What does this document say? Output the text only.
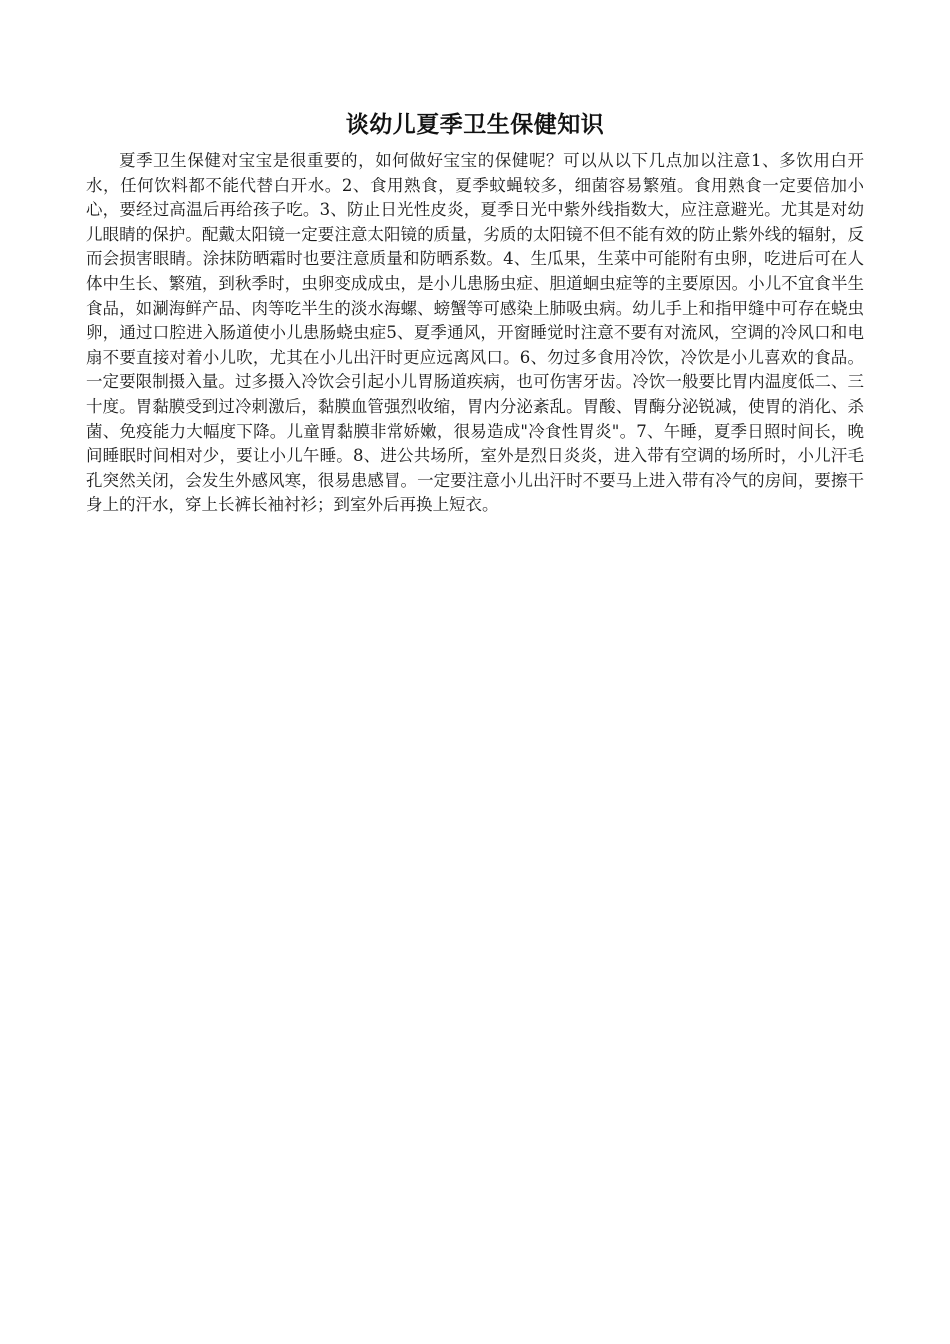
谈幼儿夏季卫生保健知识

夏季卫生保健对宝宝是很重要的，如何做好宝宝的保健呢？可以从以下几点加以注意1、多饮用白开水，任何饮料都不能代替白开水。2、食用熟食，夏季蚊蝇较多，细菌容易繁殖。食用熟食一定要倍加小心，要经过高温后再给孩子吃。3、防止日光性皮炎，夏季日光中紫外线指数大，应注意避光。尤其是对幼儿眼睛的保护。配戴太阳镜一定要注意太阳镜的质量，劣质的太阳镜不但不能有效的防止紫外线的辐射，反而会损害眼睛。涂抹防晒霜时也要注意质量和防晒系数。4、生瓜果，生菜中可能附有虫卵，吃进后可在人体中生长、繁殖，到秋季时，虫卵变成成虫，是小儿患肠虫症、胆道蛔虫症等的主要原因。小儿不宜食半生食品，如涮海鲜产品、肉等吃半生的淡水海螺、螃蟹等可感染上肺吸虫病。幼儿手上和指甲缝中可存在蛲虫卵，通过口腔进入肠道使小儿患肠蛲虫症5、夏季通风，开窗睡觉时注意不要有对流风，空调的冷风口和电扇不要直接对着小儿吹，尤其在小儿出汗时更应远离风口。6、勿过多食用冷饮，冷饮是小儿喜欢的食品。一定要限制摄入量。过多摄入冷饮会引起小儿胃肠道疾病，也可伤害牙齿。冷饮一般要比胃内温度低二、三十度。胃黏膜受到过冷刺激后，黏膜血管强烈收缩，胃内分泌紊乱。胃酸、胃酶分泌锐减，使胃的消化、杀菌、免疫能力大幅度下降。儿童胃黏膜非常娇嫩，很易造成"冷食性胃炎"。7、午睡，夏季日照时间长，晚间睡眠时间相对少，要让小儿午睡。8、进公共场所，室外是烈日炎炎，进入带有空调的场所时，小儿汗毛孔突然关闭，会发生外感风寒，很易患感冒。一定要注意小儿出汗时不要马上进入带有冷气的房间，要擦干身上的汗水，穿上长裤长袖衬衫；到室外后再换上短衣。
